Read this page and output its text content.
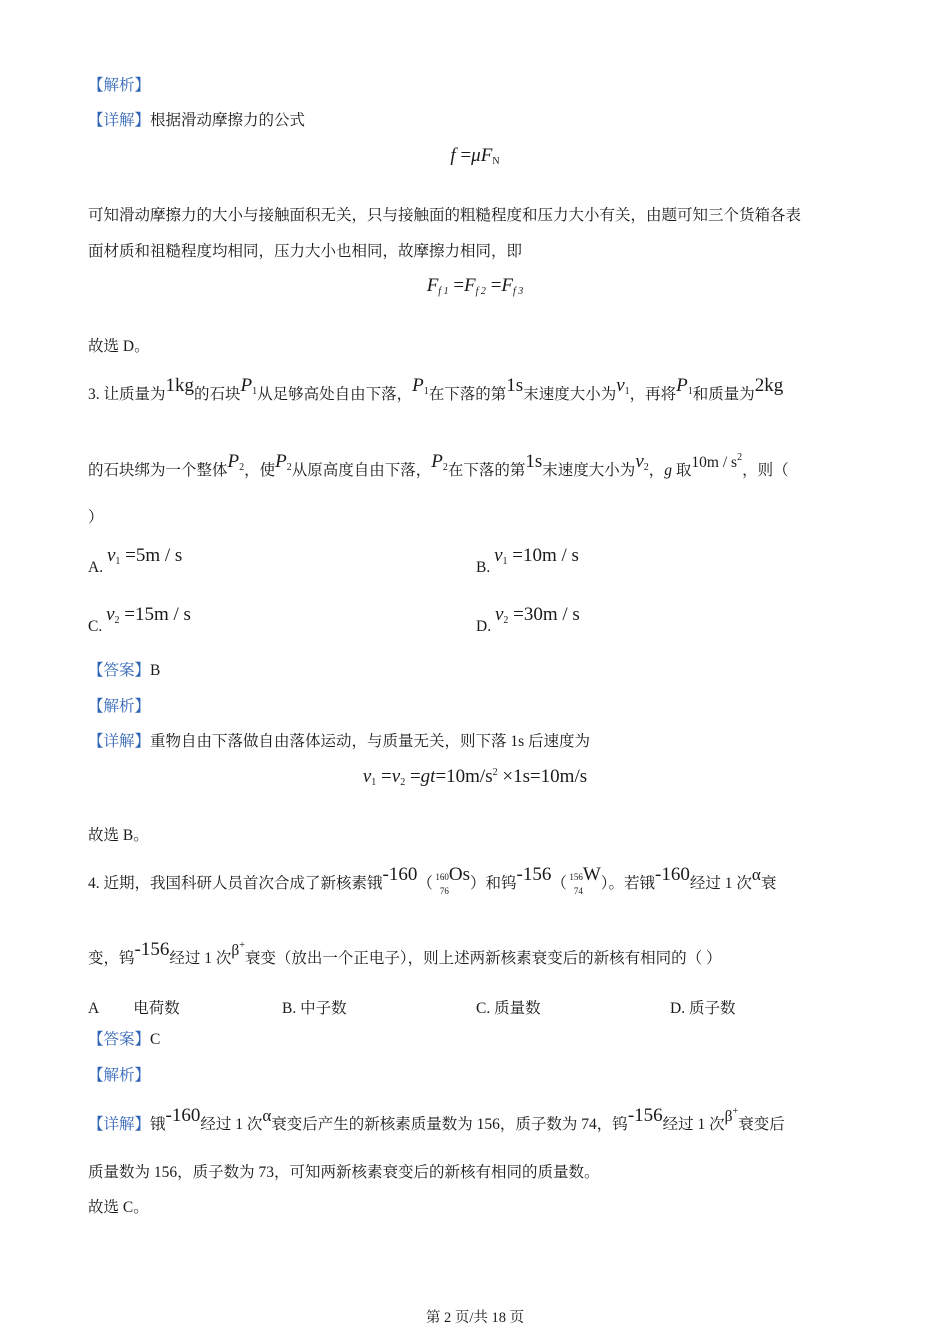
【解析】
【详解】根据滑动摩擦力的公式
$f =\mu F_N$
可知滑动摩擦力的大小与接触面积无关，只与接触面的粗糙程度和压力大小有关，由题可知三个货箱各表
面材质和祖糙程度均相同，压力大小也相同，故摩擦力相同，即
$F_{f 1} =F_{f 2} =F_{f 3}$
故选 D。
3. 让质量为1kg的石块$P_1$从足够高处自由下落，$P_1$在下落的第1s末速度大小为$v_1$，再将$P_1$和质量为2kg
的石块绑为一个整体$P_2$，使$P_2$从原高度自由下落，$P_2$在下落的第1s末速度大小为$v_2$，g 取$10m / s^2$，则（
）
A. $v_1 =5m / s$
B. $v_1 =10m / s$
C. $v_2 =15m / s$
D. $v_2 =30m / s$
【答案】B
【解析】
【详解】重物自由下落做自由落体运动，与质量无关，则下落 1s 后速度为
$v_1 =v_2 =gt=10m/s^2 \times 1s=10m/s$
故选 B。
4. 近期，我国科研人员首次合成了新核素锇-160（ 160
76
Os）和钨-156（ 156
74
W）。若锇-160经过 1 次α衰
变，钨-156经过 1 次β+衰变（放出一个正电子），则上述两新核素衰变后的新核有相同的（ ）
A 电荷数	B. 中子数	C. 质量数	D. 质子数
【答案】C
【解析】
【详解】锇-160经过 1 次α衰变后产生的新核素质量数为 156，质子数为 74，钨-156经过 1 次β+衰变后
质量数为 156，质子数为 73，可知两新核素衰变后的新核有相同的质量数。
故选 C。
第 2 页/共 18 页
